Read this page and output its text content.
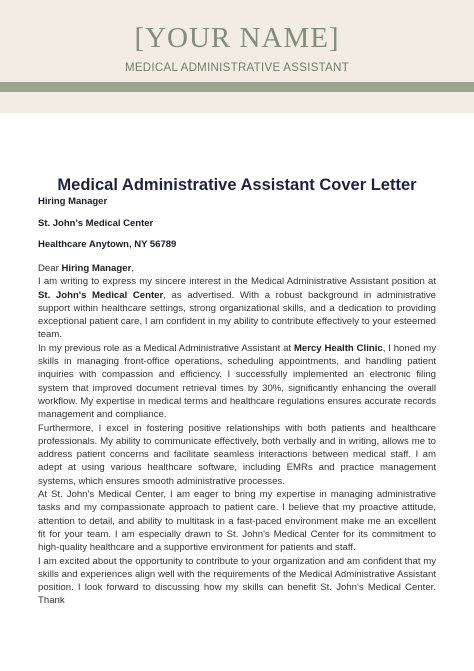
[YOUR NAME]
MEDICAL ADMINISTRATIVE ASSISTANT
Medical Administrative Assistant Cover Letter
Hiring Manager
St. John's Medical Center
Healthcare Anytown, NY 56789

Dear Hiring Manager,

I am writing to express my sincere interest in the Medical Administrative Assistant position at St. John's Medical Center, as advertised. With a robust background in administrative support within healthcare settings, strong organizational skills, and a dedication to providing exceptional patient care, I am confident in my ability to contribute effectively to your esteemed team.

In my previous role as a Medical Administrative Assistant at Mercy Health Clinic, I honed my skills in managing front-office operations, scheduling appointments, and handling patient inquiries with compassion and efficiency. I successfully implemented an electronic filing system that improved document retrieval times by 30%, significantly enhancing the overall workflow. My expertise in medical terms and healthcare regulations ensures accurate records management and compliance.

Furthermore, I excel in fostering positive relationships with both patients and healthcare professionals. My ability to communicate effectively, both verbally and in writing, allows me to address patient concerns and facilitate seamless interactions between medical staff. I am adept at using various healthcare software, including EMRs and practice management systems, which ensures smooth administrative processes.

At St. John's Medical Center, I am eager to bring my expertise in managing administrative tasks and my compassionate approach to patient care. I believe that my proactive attitude, attention to detail, and ability to multitask in a fast-paced environment make me an excellent fit for your team. I am especially drawn to St. John's Medical Center for its commitment to high-quality healthcare and a supportive environment for patients and staff.

I am excited about the opportunity to contribute to your organization and am confident that my skills and experiences align well with the requirements of the Medical Administrative Assistant position. I look forward to discussing how my skills can benefit St. John's Medical Center. Thank
